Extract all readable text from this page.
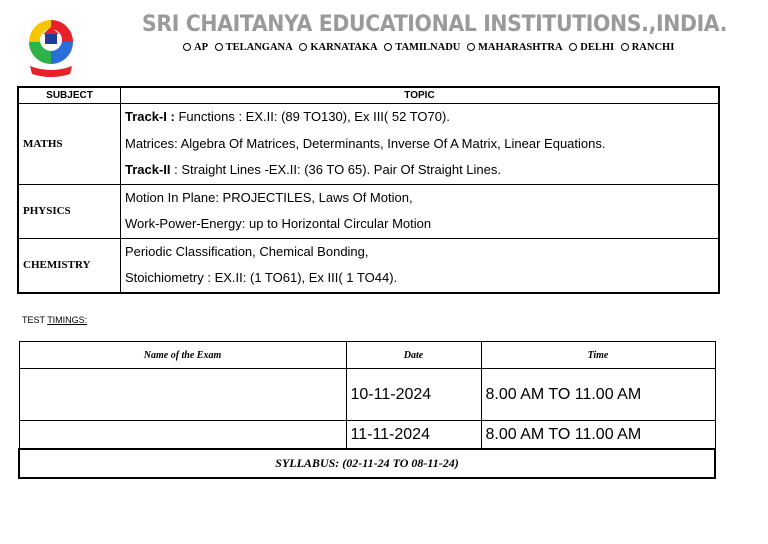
SRI CHAITANYA EDUCATIONAL INSTITUTIONS.,INDIA.
AP TELANGANA KARNATAKA TAMILNADU MAHARASHTRA DELHI RANCHI
SUBJECT	TOPIC
MATHS	Track-I : Functions : EX.II: (89 TO130), Ex III( 52 TO70).
Matrices: Algebra Of Matrices, Determinants, Inverse Of A Matrix, Linear Equations.
Track-II : Straight Lines -EX.II: (36 TO 65). Pair Of Straight Lines.

PHYSICS	Motion In Plane: PROJECTILES, Laws Of Motion,
Work-Power-Energy: up to Horizontal Circular Motion

CHEMISTRY	Periodic Classification, Chemical Bonding,
Stoichiometry : EX.II: (1 TO61), Ex III( 1 TO44).
TEST TIMINGS:
Name of the Exam	Date	Time
	10-11-2024	8.00 AM TO 11.00 AM
	11-11-2024	8.00 AM TO 11.00 AM
SYLLABUS: (02-11-24 TO 08-11-24)		
